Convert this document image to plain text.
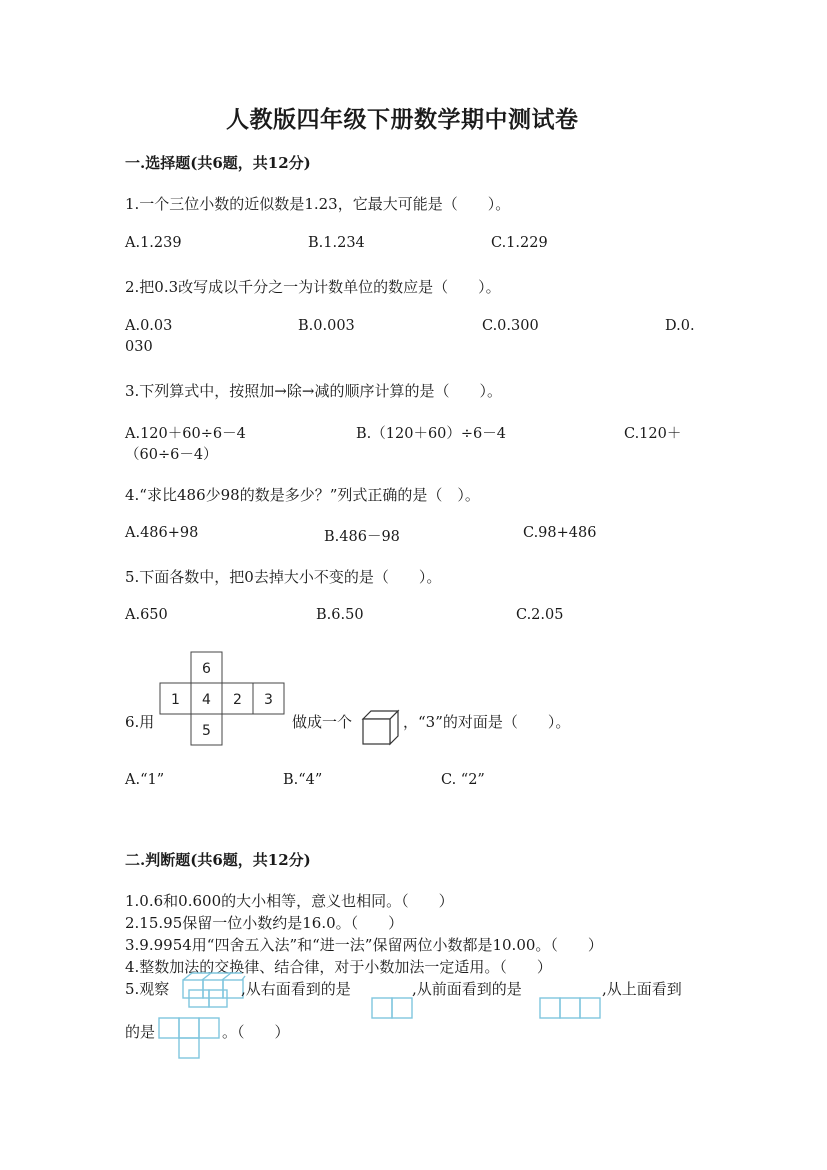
人教版四年级下册数学期中测试卷
一.选择题(共6题，共12分)
1.一个三位小数的近似数是1.23，它最大可能是（　　）。
A.1.239	B.1.234	C.1.229
2.把0.3改写成以千分之一为计数单位的数应是（　　）。
A.0.03	B.0.003	C.0.300	D.0.
030
3.下列算式中，按照加→除→减的顺序计算的是（　　）。
A.120＋60÷6－4	B.（120＋60）÷6－4	C.120＋
（60÷6－4）
4.“求比486少98的数是多少？”列式正确的是（　）。
A.486+98	B.486－98	C.98+486
5.下面各数中，把0去掉大小不变的是（　　）。
A.650	B.6.50	C.2.05
6
1 4 2 3
5
6.用	做成一个	，“3”的对面是（　　）。
A.“1”	B.“4”	C. “2”
二.判断题(共6题，共12分)
1.0.6和0.600的大小相等，意义也相同。（　　）
2.15.95保留一位小数约是16.0。（　　）
3.9.9954用“四舍五入法”和“进一法”保留两位小数都是10.00。（　　）
4.整数加法的交换律、结合律，对于小数加法一定适用。（　　）
5.观察	,从右面看到的是	,从前面看到的是	,从上面看到
的是	。（　　）
